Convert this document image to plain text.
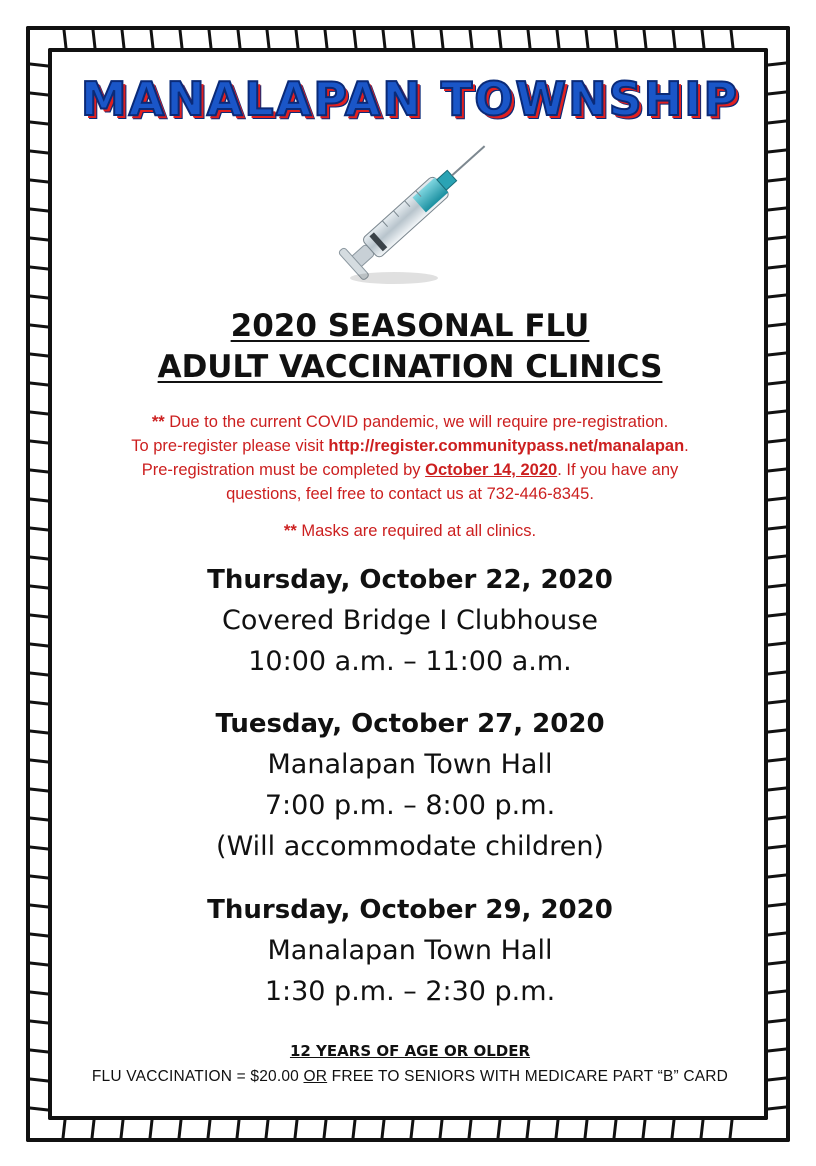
MANALAPAN TOWNSHIP
2020 SEASONAL FLU
ADULT VACCINATION CLINICS
** Due to the current COVID pandemic, we will require pre-registration.
To pre-register please visit http://register.communitypass.net/manalapan.
Pre-registration must be completed by October 14, 2020. If you have any
questions, feel free to contact us at 732-446-8345.
** Masks are required at all clinics.
Thursday, October 22, 2020
Covered Bridge I Clubhouse
10:00 a.m. – 11:00 a.m.
Tuesday, October 27, 2020
Manalapan Town Hall
7:00 p.m. – 8:00 p.m.
(Will accommodate children)
Thursday, October 29, 2020
Manalapan Town Hall
1:30 p.m. – 2:30 p.m.
12 YEARS OF AGE OR OLDER
FLU VACCINATION = $20.00 OR FREE TO SENIORS WITH MEDICARE PART “B” CARD
